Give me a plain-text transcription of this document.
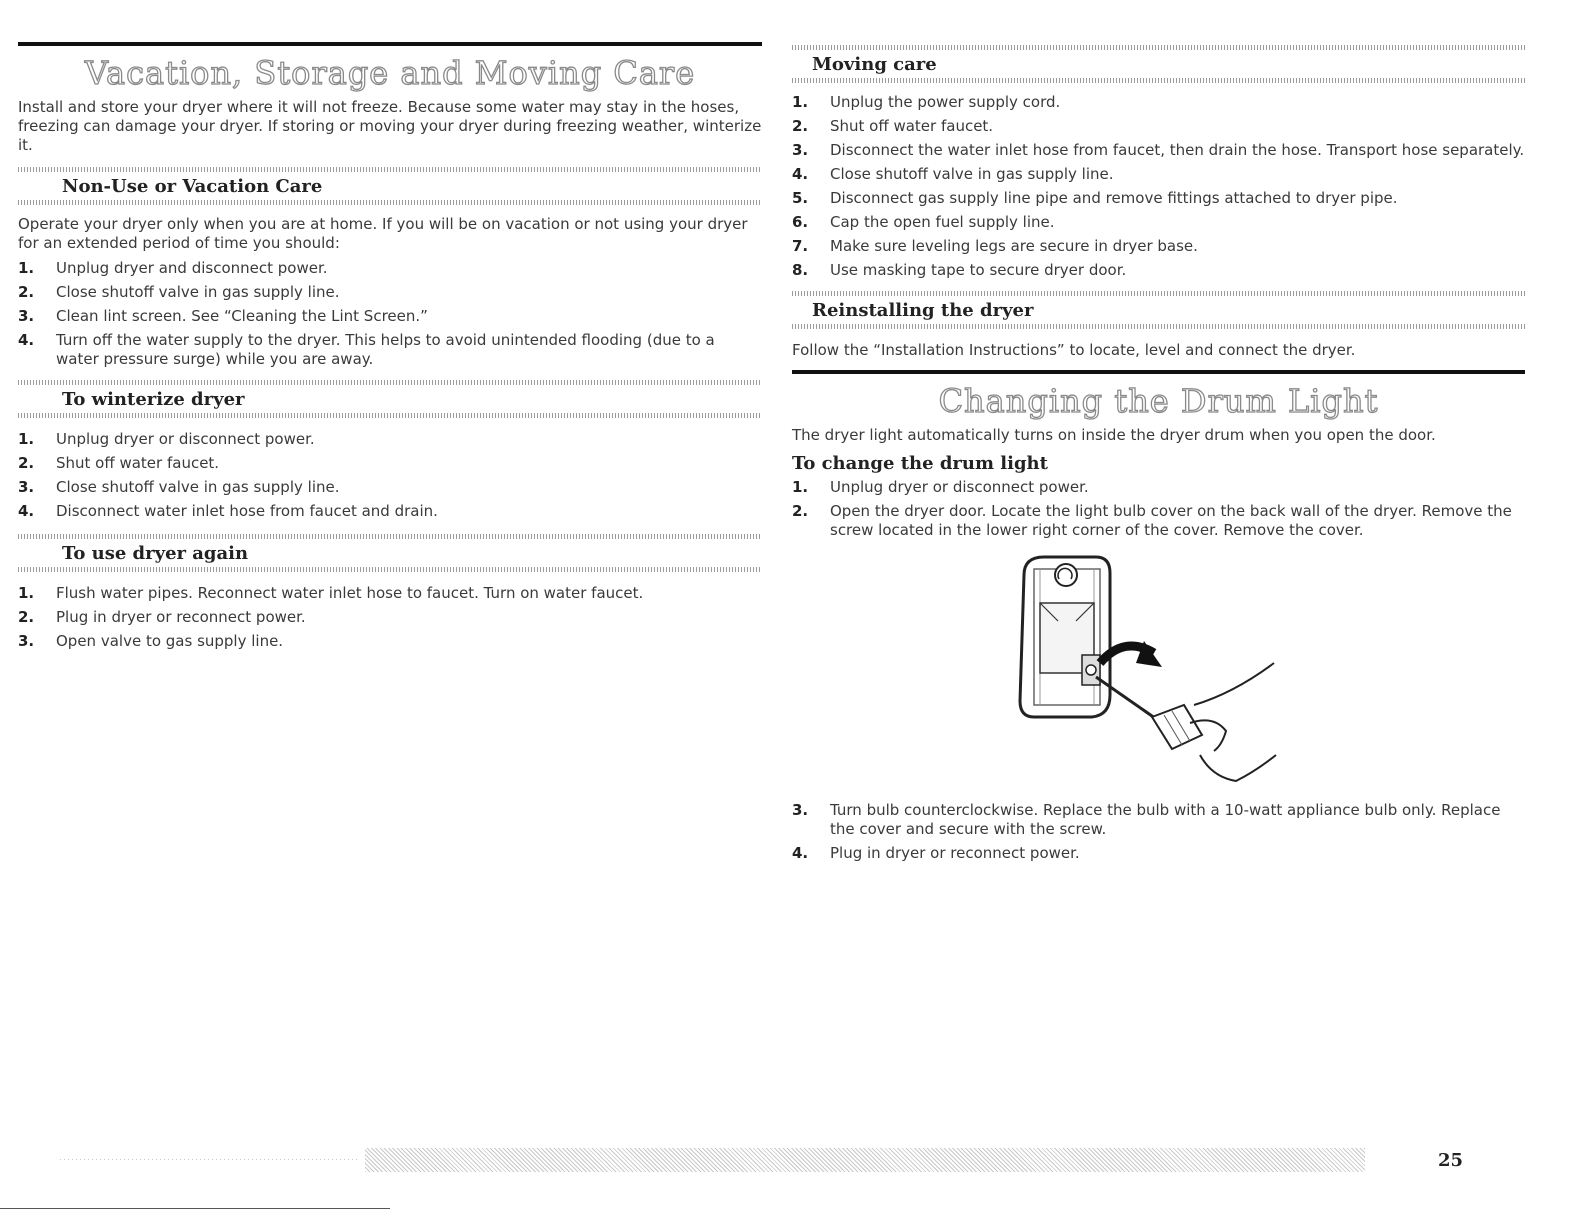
Vacation, Storage and Moving Care

Install and store your dryer where it will not freeze. Because some water may stay in the hoses, freezing can damage your dryer. If storing or moving your dryer during freezing weather, winterize it.

Non-Use or Vacation Care

Operate your dryer only when you are at home. If you will be on vacation or not using your dryer for an extended period of time you should:

1. Unplug dryer and disconnect power.
2. Close shutoff valve in gas supply line.
3. Clean lint screen. See “Cleaning the Lint Screen.”
4. Turn off the water supply to the dryer. This helps to avoid unintended flooding (due to a water pressure surge) while you are away.
To winterize dryer
1. Unplug dryer or disconnect power.
2. Shut off water faucet.
3. Close shutoff valve in gas supply line.
4. Disconnect water inlet hose from faucet and drain.
To use dryer again
1. Flush water pipes. Reconnect water inlet hose to faucet. Turn on water faucet.
2. Plug in dryer or reconnect power.
3. Open valve to gas supply line.
Moving care
1. Unplug the power supply cord.
2. Shut off water faucet.
3. Disconnect the water inlet hose from faucet, then drain the hose. Transport hose separately.
4. Close shutoff valve in gas supply line.
5. Disconnect gas supply line pipe and remove fittings attached to dryer pipe.
6. Cap the open fuel supply line.
7. Make sure leveling legs are secure in dryer base.
8. Use masking tape to secure dryer door.
Reinstalling the dryer

Follow the “Installation Instructions” to locate, level and connect the dryer.

Changing the Drum Light

The dryer light automatically turns on inside the dryer drum when you open the door.

To change the drum light
1. Unplug dryer or disconnect power.
2. Open the dryer door. Locate the light bulb cover on the back wall of the dryer. Remove the screw located in the lower right corner of the cover. Remove the cover.
3. Turn bulb counterclockwise. Replace the bulb with a 10-watt appliance bulb only. Replace the cover and secure with the screw.
4. Plug in dryer or reconnect power.
25
